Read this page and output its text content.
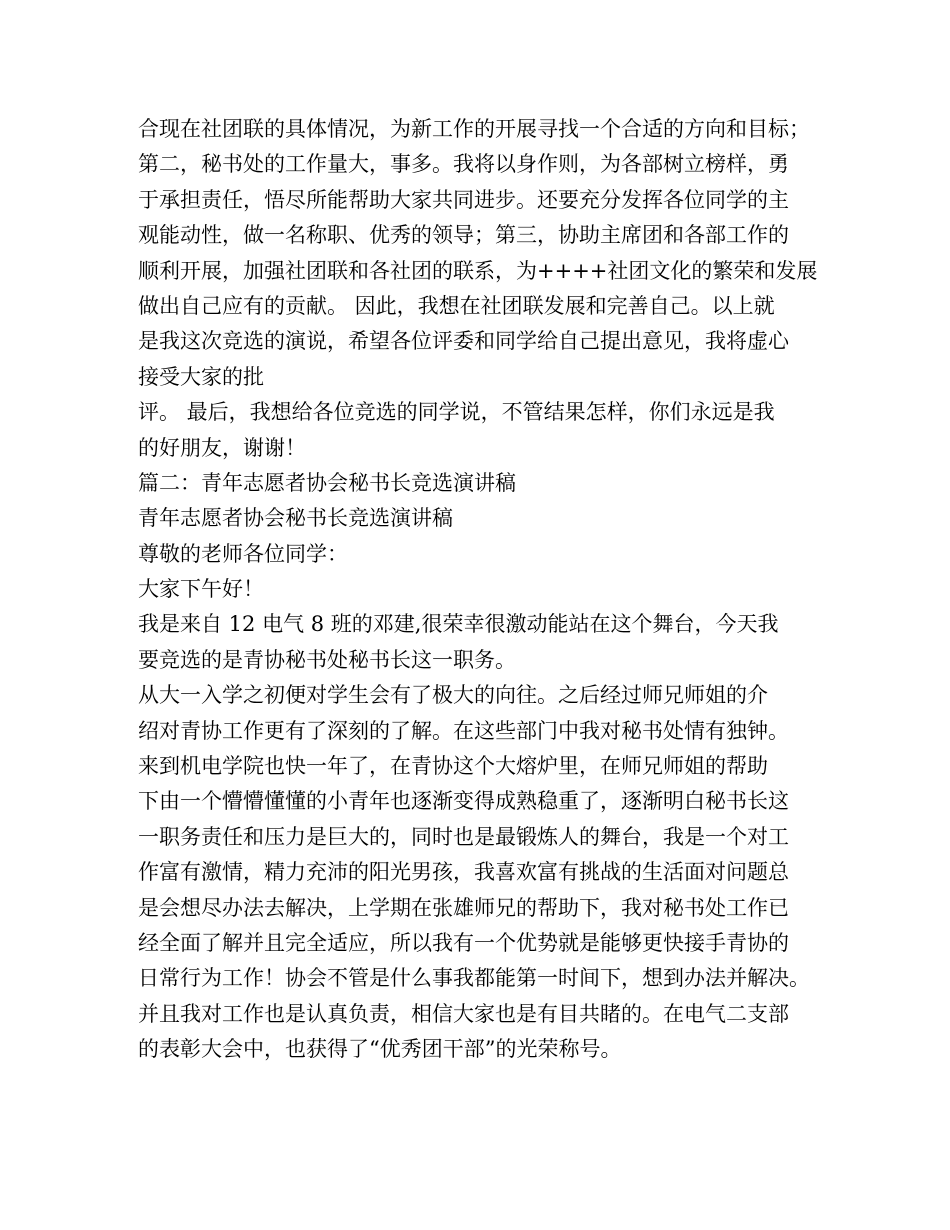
合现在社团联的具体情况，为新工作的开展寻找一个合适的方向和目标；
第二，秘书处的工作量大，事多。我将以身作则，为各部树立榜样，勇
于承担责任，悟尽所能帮助大家共同进步。还要充分发挥各位同学的主
观能动性，做一名称职、优秀的领导；第三，协助主席团和各部工作的
顺利开展，加强社团联和各社团的联系，为++++社团文化的繁荣和发展
做出自己应有的贡献。 因此，我想在社团联发展和完善自己。以上就
是我这次竞选的演说，希望各位评委和同学给自己提出意见，我将虚心
接受大家的批
评。 最后，我想给各位竞选的同学说，不管结果怎样，你们永远是我
的好朋友，谢谢！
篇二：青年志愿者协会秘书长竞选演讲稿
青年志愿者协会秘书长竞选演讲稿
尊敬的老师各位同学：
大家下午好！
我是来自 12 电气 8 班的邓建,很荣幸很激动能站在这个舞台，今天我
要竞选的是青协秘书处秘书长这一职务。
从大一入学之初便对学生会有了极大的向往。之后经过师兄师姐的介
绍对青协工作更有了深刻的了解。在这些部门中我对秘书处情有独钟。
来到机电学院也快一年了，在青协这个大熔炉里，在师兄师姐的帮助
下由一个懵懵懂懂的小青年也逐渐变得成熟稳重了，逐渐明白秘书长这
一职务责任和压力是巨大的，同时也是最锻炼人的舞台，我是一个对工
作富有激情，精力充沛的阳光男孩，我喜欢富有挑战的生活面对问题总
是会想尽办法去解决，上学期在张雄师兄的帮助下，我对秘书处工作已
经全面了解并且完全适应，所以我有一个优势就是能够更快接手青协的
日常行为工作！协会不管是什么事我都能第一时间下，想到办法并解决。
并且我对工作也是认真负责，相信大家也是有目共睹的。在电气二支部
的表彰大会中，也获得了“优秀团干部”的光荣称号。
